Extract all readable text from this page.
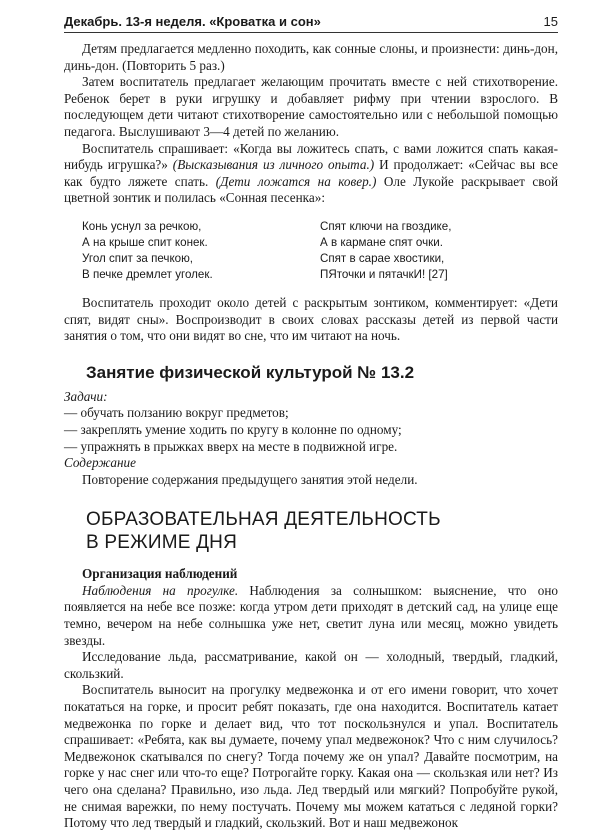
Декабрь. 13-я неделя. «Кроватка и сон»	15

Детям предлагается медленно походить, как сонные слоны, и произнести: динь-дон, динь-дон. (Повторить 5 раз.)

Затем воспитатель предлагает желающим прочитать вместе с ней стихотворение. Ребенок берет в руки игрушку и добавляет рифму при чтении взрослого. В последующем дети читают стихотворение самостоятельно или с небольшой помощью педагога. Выслушивают 3—4 детей по желанию.

Воспитатель спрашивает: «Когда вы ложитесь спать, с вами ложится спать какая-нибудь игрушка?» (Высказывания из личного опыта.) И продолжает: «Сейчас вы все как будто ляжете спать. (Дети ложатся на ковер.) Оле Лукойе раскрывает свой цветной зонтик и полилась «Сонная песенка»:

Конь уснул за речкою,
А на крыше спит конек.
Угол спит за печкою,
В печке дремлет уголек.
Спят ключи на гвоздике,
А в кармане спят очки.
Спят в сарае хвостики,
ПЯточки и пятачкИ! [27]

Воспитатель проходит около детей с раскрытым зонтиком, комментирует: «Дети спят, видят сны». Воспроизводит в своих словах рассказы детей из первой части занятия о том, что они видят во сне, что им читают на ночь.

Занятие физической культурой № 13.2
Задачи:
— обучать ползанию вокруг предметов;
— закреплять умение ходить по кругу в колонне по одному;
— упражнять в прыжках вверх на месте в подвижной игре.
Содержание

Повторение содержания предыдущего занятия этой недели.

ОБРАЗОВАТЕЛЬНАЯ ДЕЯТЕЛЬНОСТЬ
В РЕЖИМЕ ДНЯ
Организация наблюдений

Наблюдения на прогулке. Наблюдения за солнышком: выяснение, что оно появляется на небе все позже: когда утром дети приходят в детский сад, на улице еще темно, вечером на небе солнышка уже нет, светит луна или месяц, можно увидеть звезды.

Исследование льда, рассматривание, какой он — холодный, твердый, гладкий, скользкий.

Воспитатель выносит на прогулку медвежонка и от его имени говорит, что хочет покататься на горке, и просит ребят показать, где она находится. Воспитатель катает медвежонка по горке и делает вид, что тот поскользнулся и упал. Воспитатель спрашивает: «Ребята, как вы думаете, почему упал медвежонок? Что с ним случилось? Медвежонок скатывался по снегу? Тогда почему же он упал? Давайте посмотрим, на горке у нас снег или что-то еще? Потрогайте горку. Какая она — скользкая или нет? Из чего она сделана? Правильно, изо льда. Лед твердый или мягкий? Попробуйте рукой, не снимая варежки, по нему постучать. Почему мы можем кататься с ледяной горки? Потому что лед твердый и гладкий, скользкий. Вот и наш медвежонок
